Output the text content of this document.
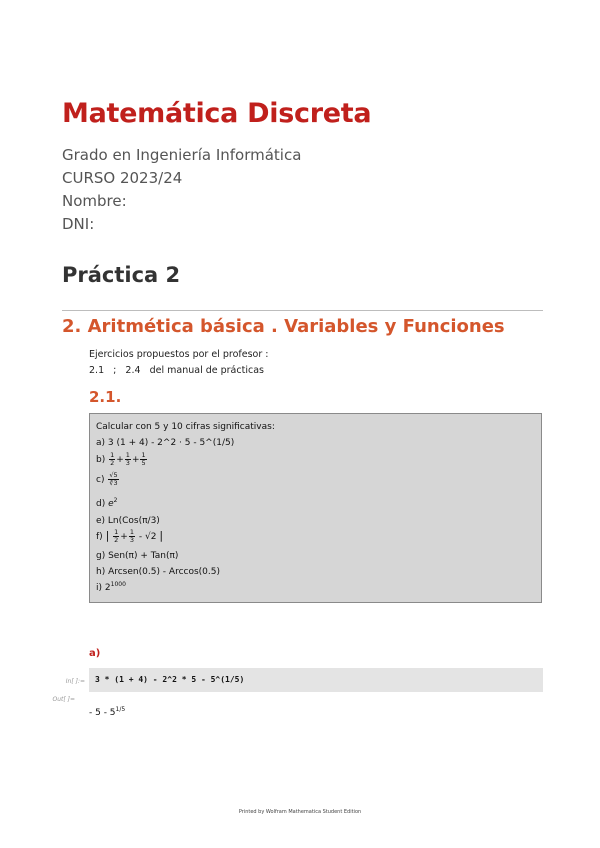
Matemática Discreta
Grado en Ingeniería Informática
CURSO 2023/24
Nombre:
DNI:
Práctica 2
2. Aritmética básica . Variables y Funciones
Ejercicios propuestos por el profesor :
2.1   ;   2.4   del manual de prácticas
2.1.
Calcular con 5 y 10 cifras significativas:
a) 3 (1 + 4) - 2^2 · 5 - 5^(1/5)
$b) \frac{1}{2} + \frac{1}{3} + \frac{1}{5}$
$c) \frac{√5}{∛3}$
d) $e^2$
e) Ln(Cos(π/3)
f) | $\frac{1}{2} + \frac{1}{3} - √2$ |
g) Sen(π) + Tan(π)
h) Arcsen(0.5) - Arccos(0.5)
i) $2^{1000}$
a)
In[ ]:= 3 * (1 + 4) - 2^2 * 5 - 5^(1/5)
Out[ ]=
- $5 - 5^{1/5}$
Printed by Wolfram Mathematica Student Edition
